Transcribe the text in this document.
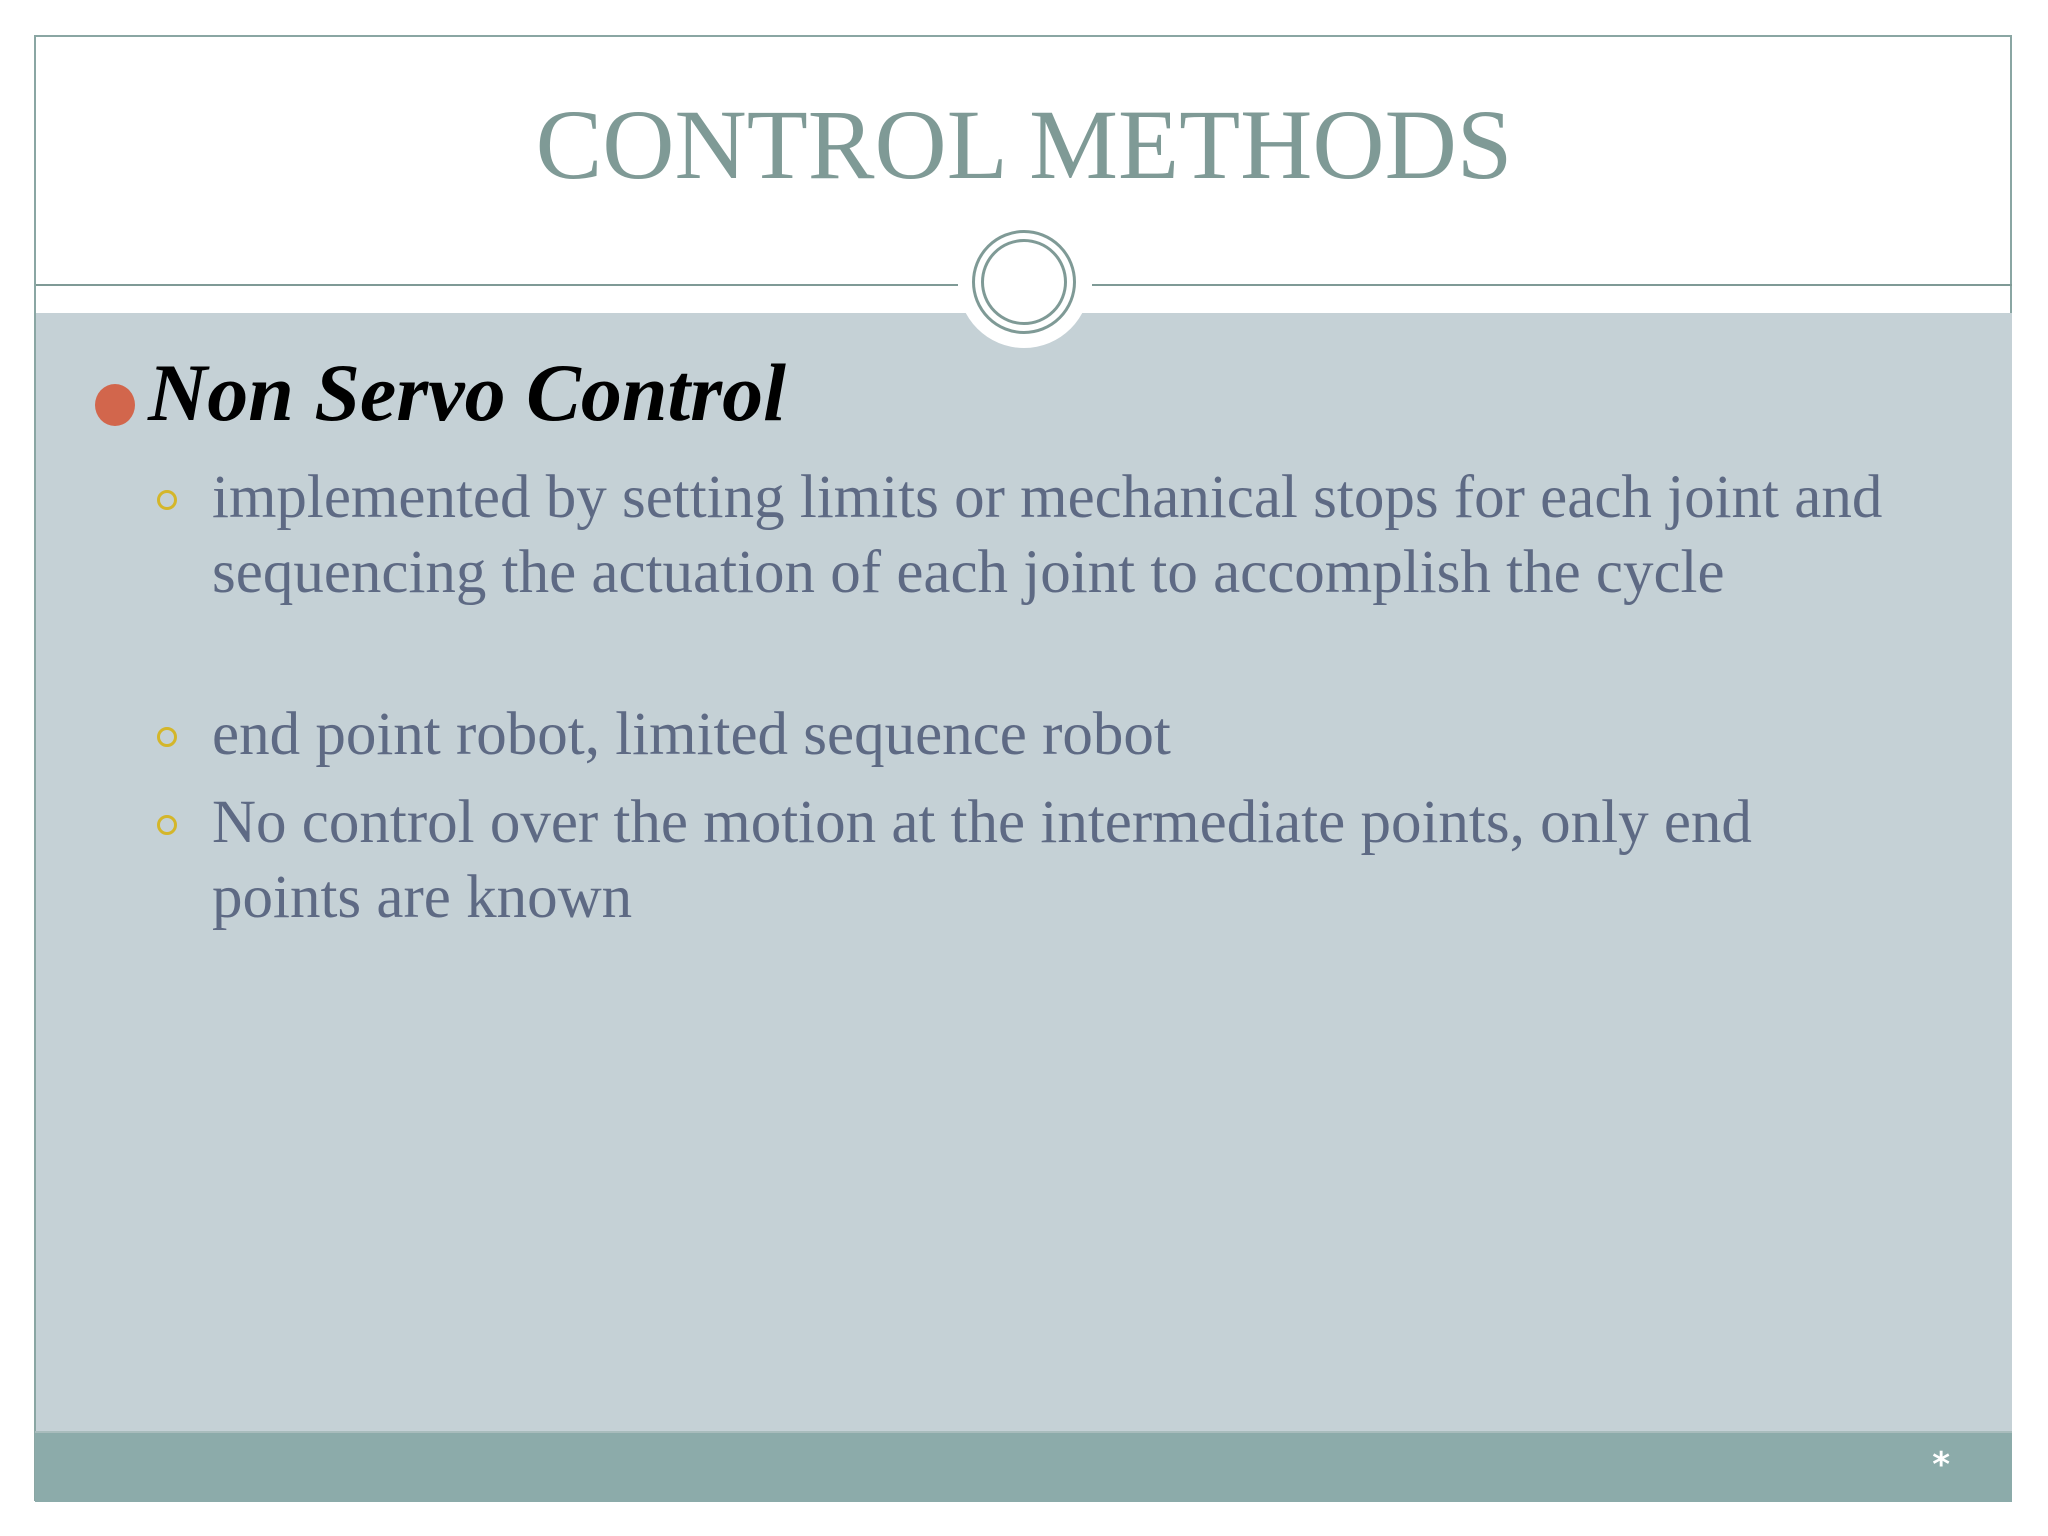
CONTROL METHODS
Non Servo Control
implemented by setting limits or mechanical stops for each joint and sequencing the actuation of each joint to accomplish the cycle
end point robot, limited sequence robot
No control over the motion at the intermediate points, only end points are known
*
